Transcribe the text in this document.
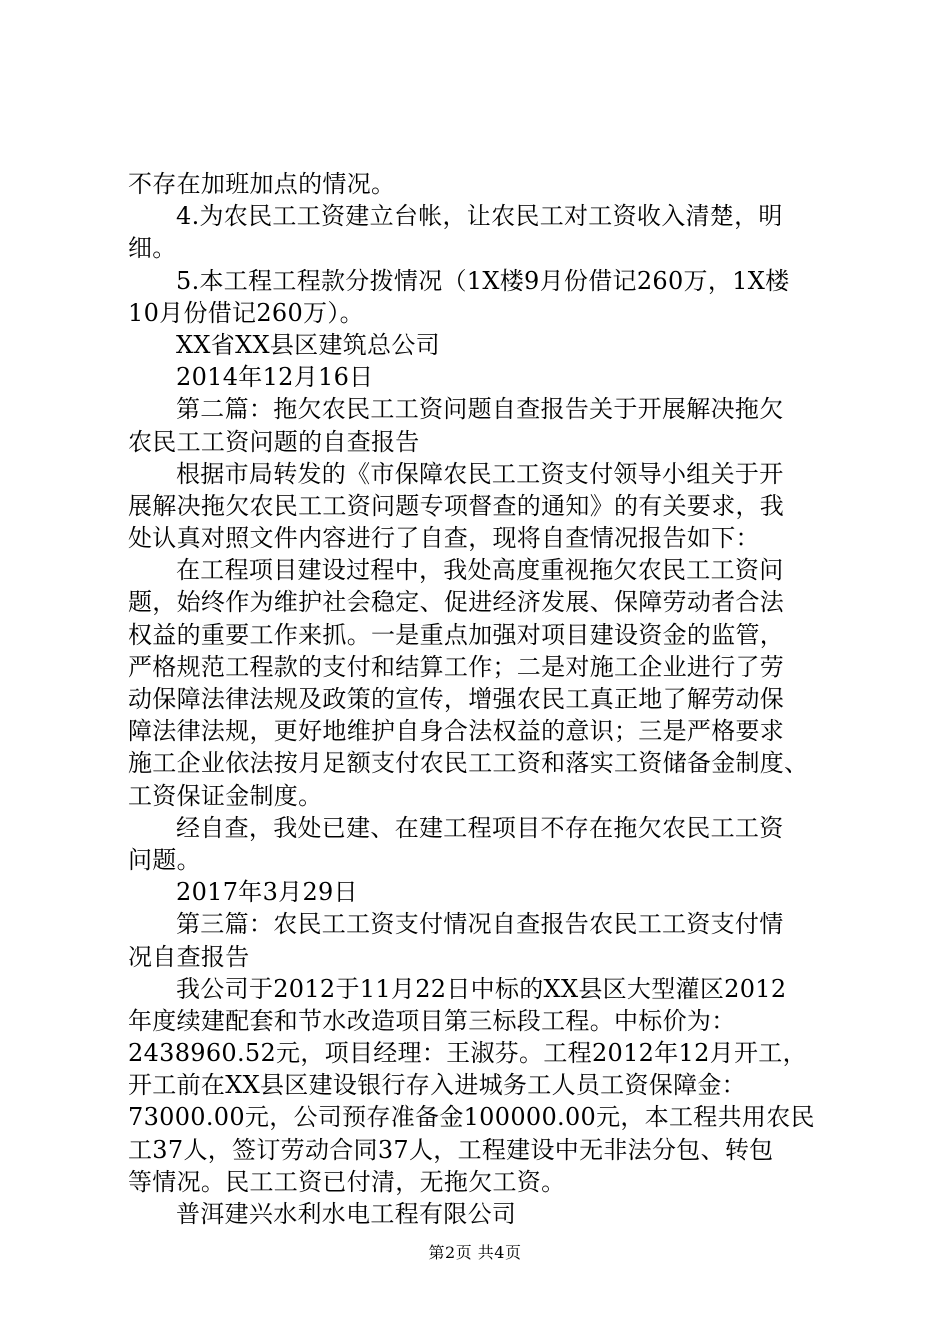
不存在加班加点的情况。
4.为农民工工资建立台帐，让农民工对工资收入清楚，明
细。
5.本工程工程款分拨情况（1X楼9月份借记260万，1X楼
10月份借记260万）。
XX省XX县区建筑总公司
2014年12月16日
第二篇：拖欠农民工工资问题自查报告关于开展解决拖欠
农民工工资问题的自查报告
根据市局转发的《市保障农民工工资支付领导小组关于开
展解决拖欠农民工工资问题专项督查的通知》的有关要求，我
处认真对照文件内容进行了自查，现将自查情况报告如下：
在工程项目建设过程中，我处高度重视拖欠农民工工资问
题，始终作为维护社会稳定、促进经济发展、保障劳动者合法
权益的重要工作来抓。一是重点加强对项目建设资金的监管，
严格规范工程款的支付和结算工作；二是对施工企业进行了劳
动保障法律法规及政策的宣传，增强农民工真正地了解劳动保
障法律法规，更好地维护自身合法权益的意识；三是严格要求
施工企业依法按月足额支付农民工工资和落实工资储备金制度、
工资保证金制度。
经自查，我处已建、在建工程项目不存在拖欠农民工工资
问题。
2017年3月29日
第三篇：农民工工资支付情况自查报告农民工工资支付情
况自查报告
我公司于2012于11月22日中标的XX县区大型灌区2012
年度续建配套和节水改造项目第三标段工程。中标价为：
2438960.52元，项目经理：王淑芬。工程2012年12月开工，
开工前在XX县区建设银行存入进城务工人员工资保障金：
73000.00元，公司预存准备金100000.00元，本工程共用农民
工37人，签订劳动合同37人，工程建设中无非法分包、转包
等情况。民工工资已付清，无拖欠工资。
普洱建兴水利水电工程有限公司
第2页 共4页
